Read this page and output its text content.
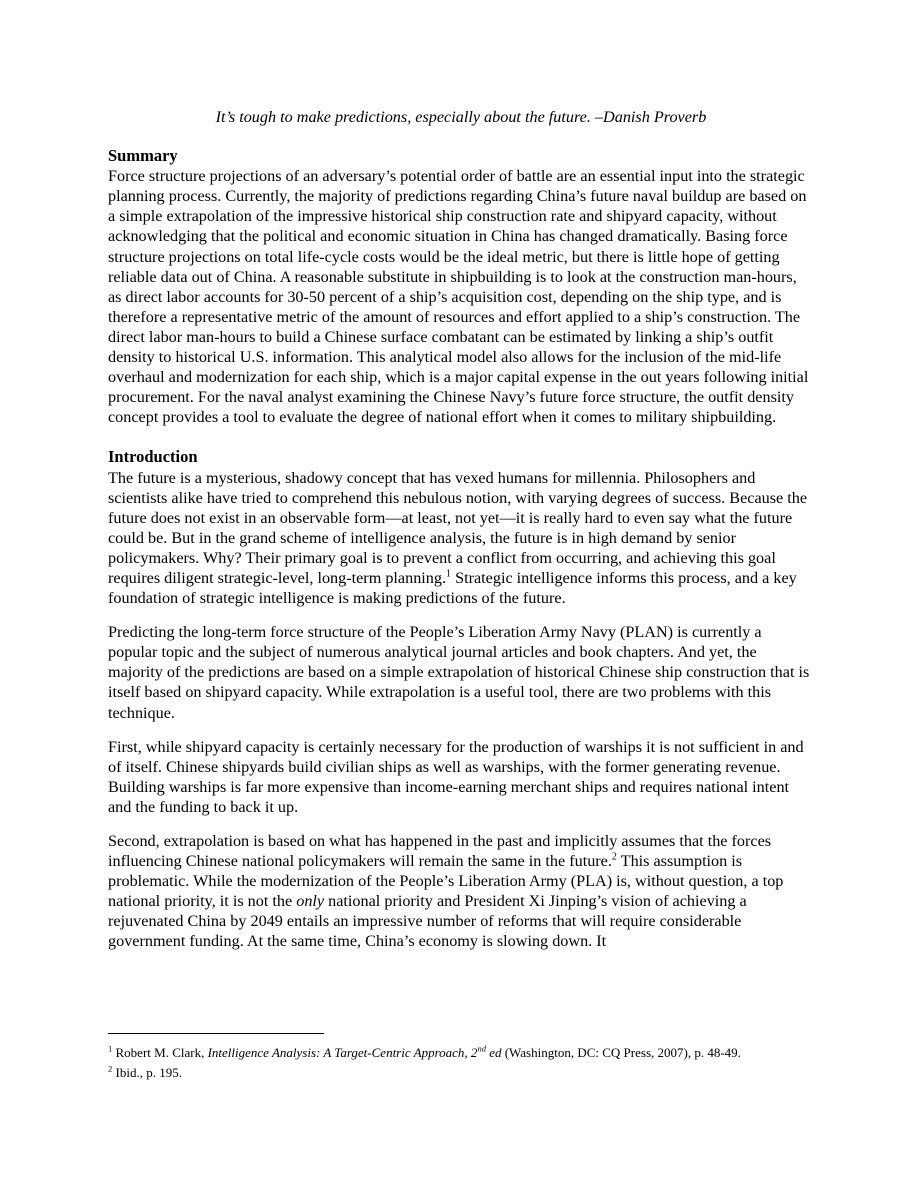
It’s tough to make predictions, especially about the future. –Danish Proverb

Summary

Force structure projections of an adversary’s potential order of battle are an essential input into the strategic planning process. Currently, the majority of predictions regarding China’s future naval buildup are based on a simple extrapolation of the impressive historical ship construction rate and shipyard capacity, without acknowledging that the political and economic situation in China has changed dramatically. Basing force structure projections on total life-cycle costs would be the ideal metric, but there is little hope of getting reliable data out of China. A reasonable substitute in shipbuilding is to look at the construction man-hours, as direct labor accounts for 30-50 percent of a ship’s acquisition cost, depending on the ship type, and is therefore a representative metric of the amount of resources and effort applied to a ship’s construction. The direct labor man-hours to build a Chinese surface combatant can be estimated by linking a ship’s outfit density to historical U.S. information. This analytical model also allows for the inclusion of the mid-life overhaul and modernization for each ship, which is a major capital expense in the out years following initial procurement. For the naval analyst examining the Chinese Navy’s future force structure, the outfit density concept provides a tool to evaluate the degree of national effort when it comes to military shipbuilding.

Introduction

The future is a mysterious, shadowy concept that has vexed humans for millennia. Philosophers and scientists alike have tried to comprehend this nebulous notion, with varying degrees of success. Because the future does not exist in an observable form—at least, not yet—it is really hard to even say what the future could be. But in the grand scheme of intelligence analysis, the future is in high demand by senior policymakers. Why? Their primary goal is to prevent a conflict from occurring, and achieving this goal requires diligent strategic-level, long-term planning.$^1$ Strategic intelligence informs this process, and a key foundation of strategic intelligence is making predictions of the future.

Predicting the long-term force structure of the People’s Liberation Army Navy (PLAN) is currently a popular topic and the subject of numerous analytical journal articles and book chapters. And yet, the majority of the predictions are based on a simple extrapolation of historical Chinese ship construction that is itself based on shipyard capacity. While extrapolation is a useful tool, there are two problems with this technique.

First, while shipyard capacity is certainly necessary for the production of warships it is not sufficient in and of itself. Chinese shipyards build civilian ships as well as warships, with the former generating revenue. Building warships is far more expensive than income-earning merchant ships and requires national intent and the funding to back it up.

Second, extrapolation is based on what has happened in the past and implicitly assumes that the forces influencing Chinese national policymakers will remain the same in the future.$^2$ This assumption is problematic. While the modernization of the People’s Liberation Army (PLA) is, without question, a top national priority, it is not the only national priority and President Xi Jinping’s vision of achieving a rejuvenated China by 2049 entails an impressive number of reforms that will require considerable government funding. At the same time, China’s economy is slowing down. It

$^1$ Robert M. Clark, Intelligence Analysis: A Target-Centric Approach, 2nd ed (Washington, DC: CQ Press, 2007), p. 48-49.
$^2$ Ibid., p. 195.
